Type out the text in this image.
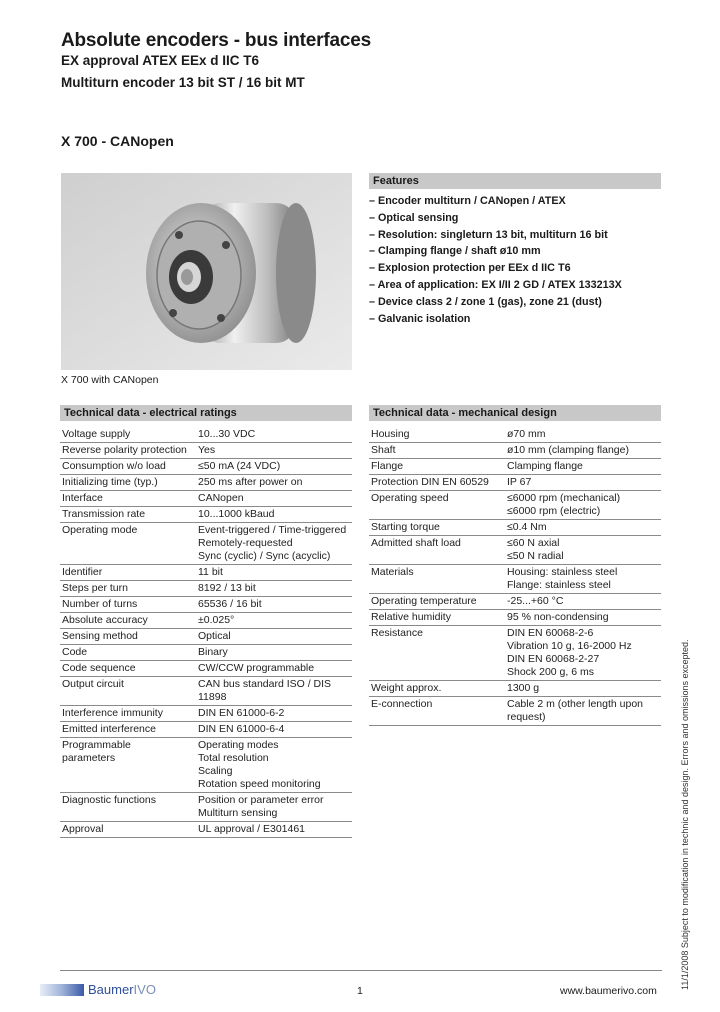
Absolute encoders - bus interfaces
EX approval ATEX EEx d IIC T6
Multiturn encoder 13 bit ST / 16 bit MT
X 700 - CANopen
X 700 with CANopen
Features
– Encoder multiturn / CANopen / ATEX
– Optical sensing
– Resolution: singleturn 13 bit, multiturn 16 bit
– Clamping flange / shaft ø10 mm
– Explosion protection per EEx d IIC T6
– Area of application: EX I/II 2 GD / ATEX 133213X
– Device class 2 / zone 1 (gas), zone 21 (dust)
– Galvanic isolation
Technical data - electrical ratings
Voltage supply	10...30 VDC
Reverse polarity protection	Yes
Consumption w/o load	≤50 mA (24 VDC)
Initializing time (typ.)	250 ms after power on
Interface	CANopen
Transmission rate	10...1000 kBaud
Operating mode	Event-triggered / Time-triggered
Remotely-requested
Sync (cyclic) / Sync (acyclic)
Identifier	11 bit
Steps per turn	8192 / 13 bit
Number of turns	65536 / 16 bit
Absolute accuracy	±0.025°
Sensing method	Optical
Code	Binary
Code sequence	CW/CCW programmable
Output circuit	CAN bus standard ISO / DIS
11898
Interference immunity	DIN EN 61000-6-2
Emitted interference	DIN EN 61000-6-4
Programmable
parameters	Operating modes
Total resolution
Scaling
Rotation speed monitoring
Diagnostic functions	Position or parameter error
Multiturn sensing
Approval	UL approval / E301461
Technical data - mechanical design
Housing	ø70 mm
Shaft	ø10 mm (clamping flange)
Flange	Clamping flange
Protection DIN EN 60529	IP 67
Operating speed	≤6000 rpm (mechanical)
≤6000 rpm (electric)
Starting torque	≤0.4 Nm
Admitted shaft load	≤60 N axial
≤50 N radial
Materials	Housing: stainless steel
Flange: stainless steel
Operating temperature	-25...+60 °C
Relative humidity	95 % non-condensing
Resistance	DIN EN 60068-2-6
Vibration 10 g, 16-2000 Hz
DIN EN 60068-2-27
Shock 200 g, 6 ms
Weight approx.	1300 g
E-connection	Cable 2 m (other length upon
request)	11/1/2008 Subject to modification in technic and design. Errors and omissions excepted.
BaumerIVO	1	www.baumerivo.com
